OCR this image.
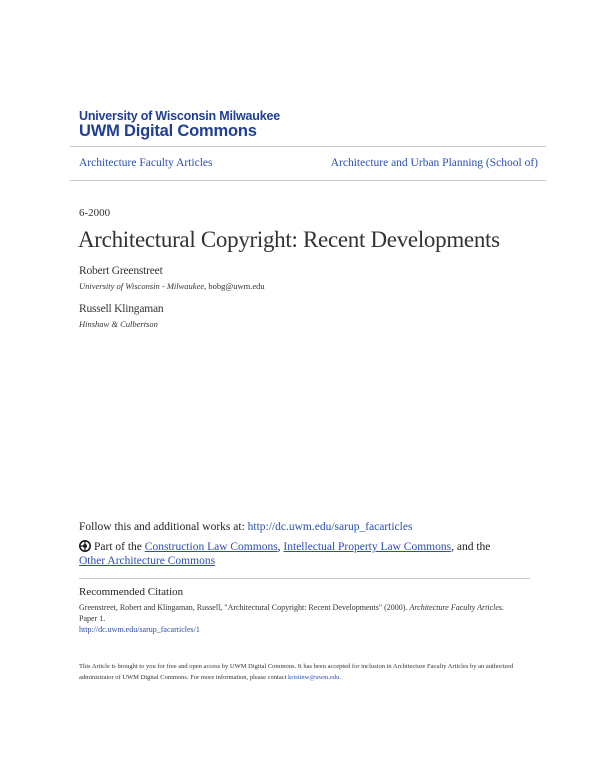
University of Wisconsin Milwaukee
UWM Digital Commons
Architecture Faculty Articles	Architecture and Urban Planning (School of)
6-2000
Architectural Copyright: Recent Developments
Robert Greenstreet
University of Wisconsin - Milwaukee, bobg@uwm.edu
Russell Klingaman
Hinshaw & Culbertson
Follow this and additional works at: http://dc.uwm.edu/sarup_facarticles
Part of the Construction Law Commons, Intellectual Property Law Commons, and the Other Architecture Commons
Recommended Citation
Greenstreet, Robert and Klingaman, Russell, "Architectural Copyright: Recent Developments" (2000). Architecture Faculty Articles.
Paper 1.
http://dc.uwm.edu/sarup_facarticles/1
This Article is brought to you for free and open access by UWM Digital Commons. It has been accepted for inclusion in Architecture Faculty Articles by an authorized administrator of UWM Digital Commons. For more information, please contact kristinw@uwm.edu.
